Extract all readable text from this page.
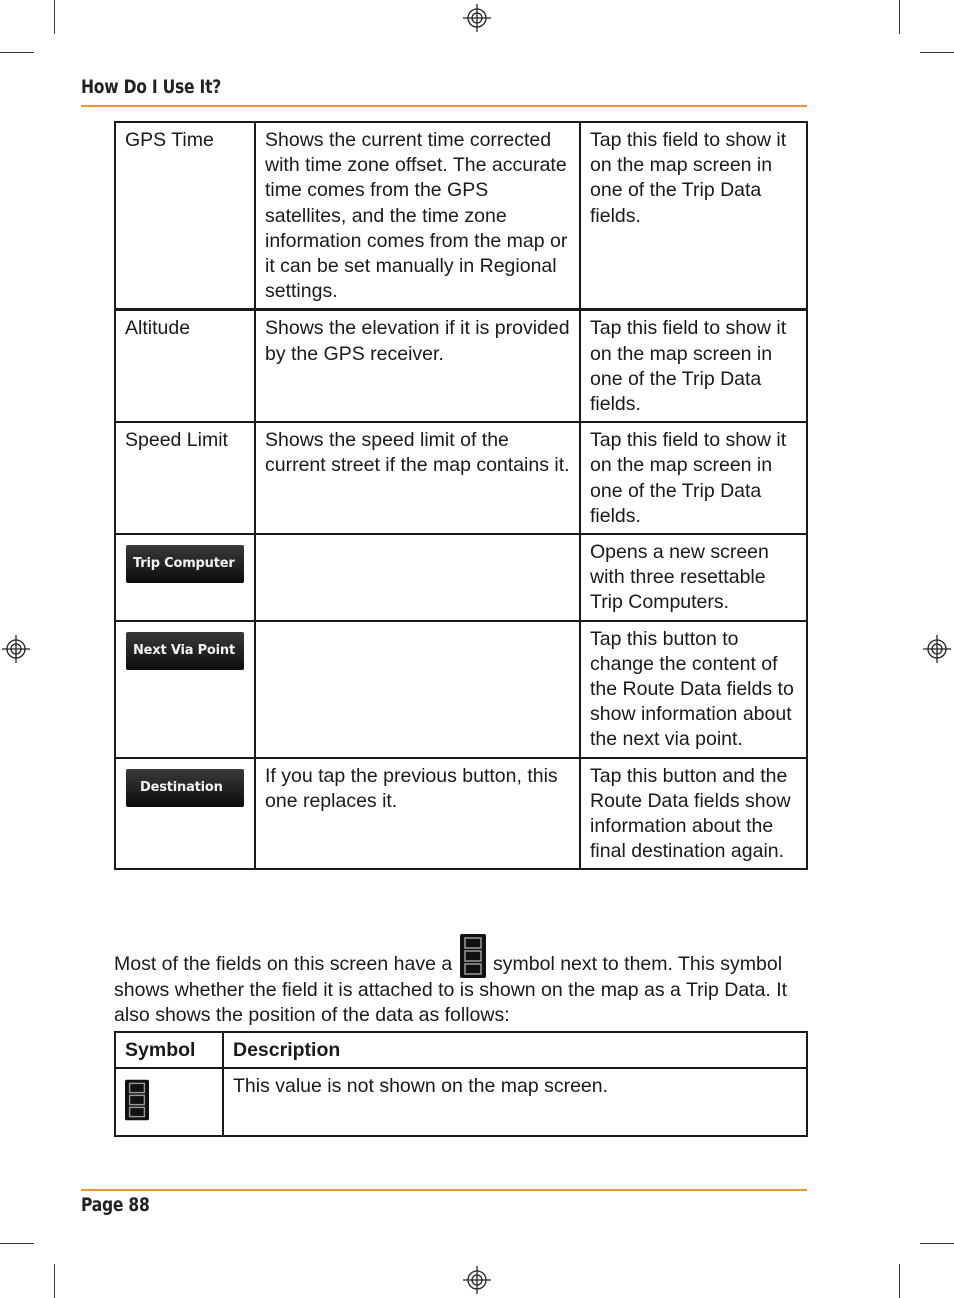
How Do I Use It?
GPS Time	Shows the current time corrected with time zone offset. The accurate time comes from the GPS satellites, and the time zone information comes from the map or it can be set manually in Regional settings.	Tap this field to show it on the map screen in one of the Trip Data fields.
Altitude	Shows the elevation if it is provided by the GPS receiver.	Tap this field to show it on the map screen in one of the Trip Data fields.
Speed Limit	Shows the speed limit of the current street if the map contains it.	Tap this field to show it on the map screen in one of the Trip Data fields.
Trip Computer		Opens a new screen with three resettable Trip Computers.
Next Via Point		Tap this button to change the content of the Route Data fields to show information about the next via point.
Destination	If you tap the previous button, this one replaces it.	Tap this button and the Route Data fields show information about the final destination again.
Most of the fields on this screen have a symbol next to them. This symbol shows whether the field it is attached to is shown on the map as a Trip Data. It also shows the position of the data as follows:
Symbol	Description
	This value is not shown on the map screen.
Page 88
